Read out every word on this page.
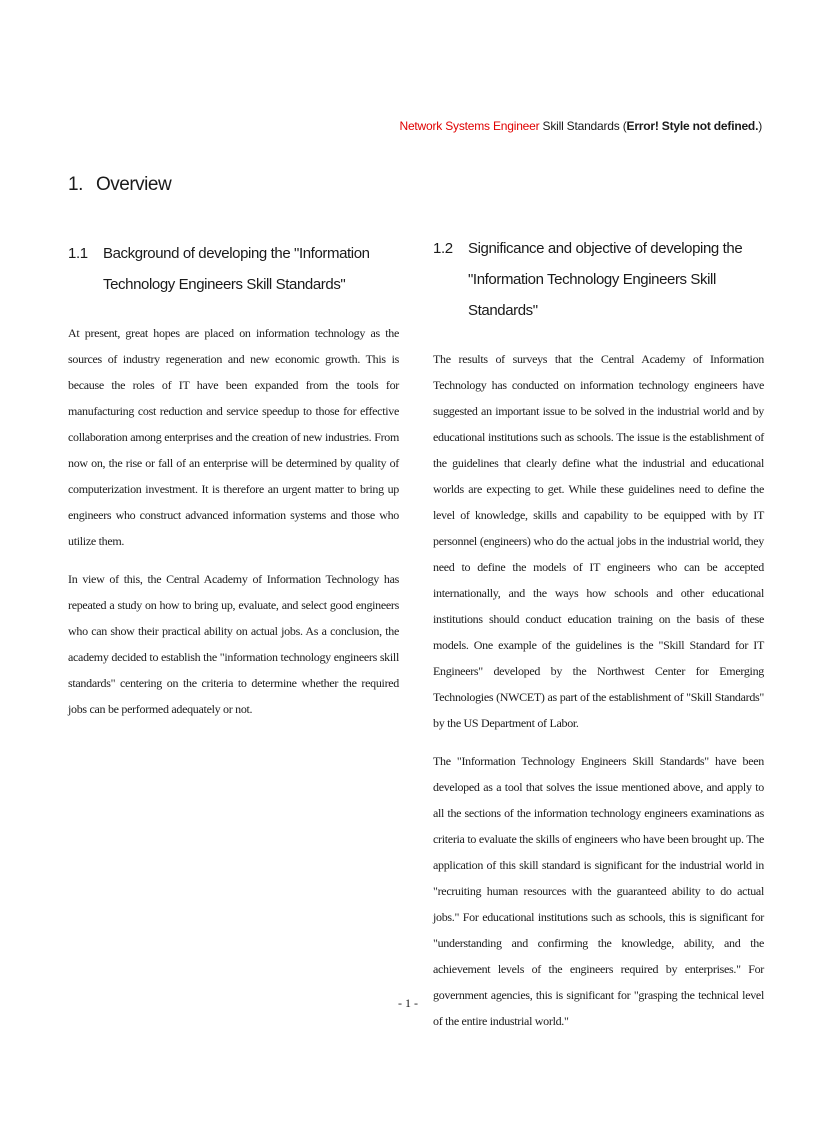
Network Systems Engineer Skill Standards (Error! Style not defined.)
1. Overview
1.1 Background of developing the "Information Technology Engineers Skill Standards"

At present, great hopes are placed on information technology as the sources of industry regeneration and new economic growth. This is because the roles of IT have been expanded from the tools for manufacturing cost reduction and service speedup to those for effective collaboration among enterprises and the creation of new industries. From now on, the rise or fall of an enterprise will be determined by quality of computerization investment. It is therefore an urgent matter to bring up engineers who construct advanced information systems and those who utilize them.

In view of this, the Central Academy of Information Technology has repeated a study on how to bring up, evaluate, and select good engineers who can show their practical ability on actual jobs. As a conclusion, the academy decided to establish the "information technology engineers skill standards" centering on the criteria to determine whether the required jobs can be performed adequately or not.

1.2 Significance and objective of developing the "Information Technology Engineers Skill Standards"

The results of surveys that the Central Academy of Information Technology has conducted on information technology engineers have suggested an important issue to be solved in the industrial world and by educational institutions such as schools. The issue is the establishment of the guidelines that clearly define what the industrial and educational worlds are expecting to get. While these guidelines need to define the level of knowledge, skills and capability to be equipped with by IT personnel (engineers) who do the actual jobs in the industrial world, they need to define the models of IT engineers who can be accepted internationally, and the ways how schools and other educational institutions should conduct education training on the basis of these models. One example of the guidelines is the "Skill Standard for IT Engineers" developed by the Northwest Center for Emerging Technologies (NWCET) as part of the establishment of "Skill Standards" by the US Department of Labor.

The "Information Technology Engineers Skill Standards" have been developed as a tool that solves the issue mentioned above, and apply to all the sections of the information technology engineers examinations as criteria to evaluate the skills of engineers who have been brought up. The application of this skill standard is significant for the industrial world in "recruiting human resources with the guaranteed ability to do actual jobs." For educational institutions such as schools, this is significant for "understanding and confirming the knowledge, ability, and the achievement levels of the engineers required by enterprises." For government agencies, this is significant for "grasping the technical level of the entire industrial world."

- 1 -
